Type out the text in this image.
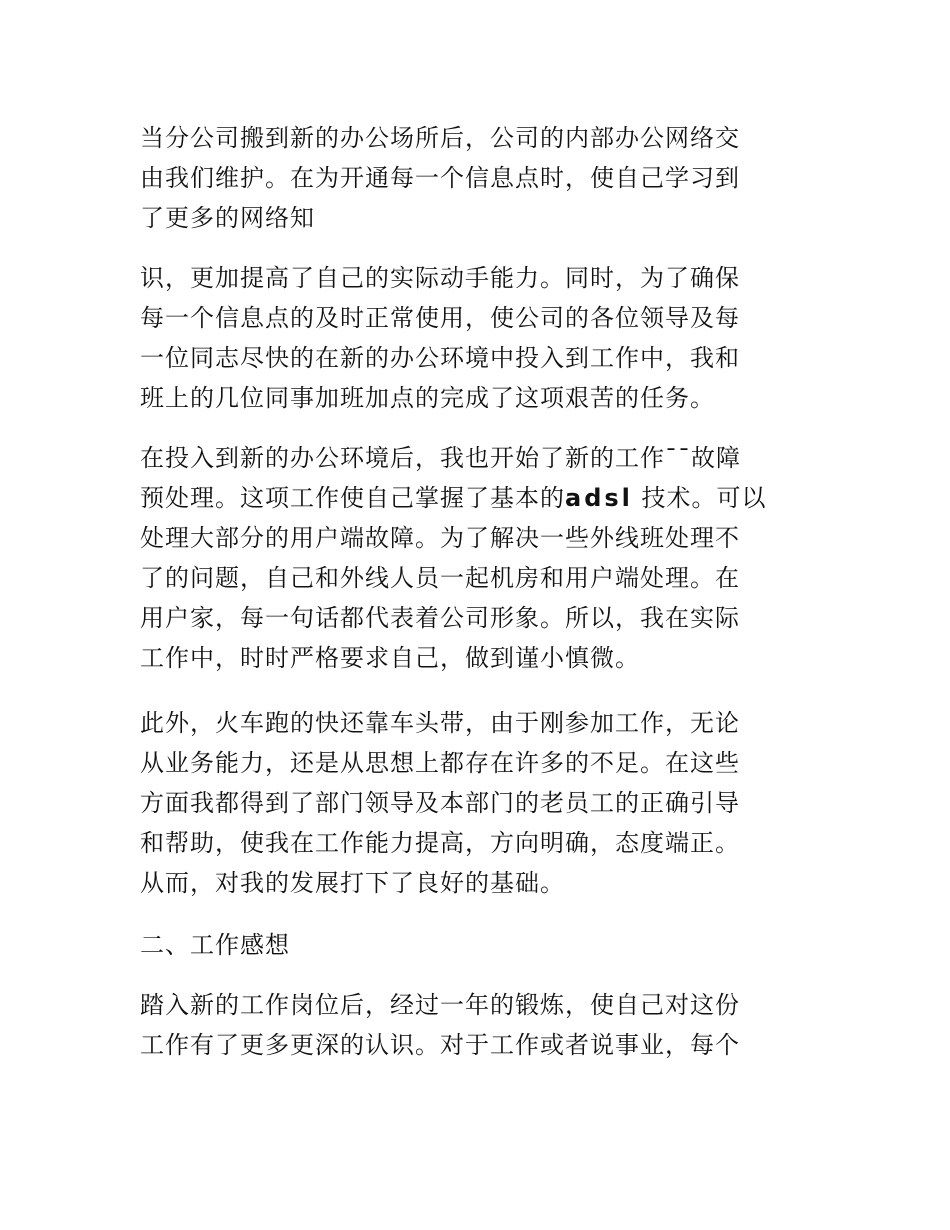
当分公司搬到新的办公场所后，公司的内部办公网络交
由我们维护。在为开通每一个信息点时，使自己学习到
了更多的网络知
识，更加提高了自己的实际动手能力。同时，为了确保
每一个信息点的及时正常使用，使公司的各位领导及每
一位同志尽快的在新的办公环境中投入到工作中，我和
班上的几位同事加班加点的完成了这项艰苦的任务。
在投入到新的办公环境后，我也开始了新的工作¯¯故障
预处理。这项工作使自己掌握了基本的adsl 技术。可以
处理大部分的用户端故障。为了解决一些外线班处理不
了的问题，自己和外线人员一起机房和用户端处理。在
用户家，每一句话都代表着公司形象。所以，我在实际
工作中，时时严格要求自己，做到谨小慎微。
此外，火车跑的快还靠车头带，由于刚参加工作，无论
从业务能力，还是从思想上都存在许多的不足。在这些
方面我都得到了部门领导及本部门的老员工的正确引导
和帮助，使我在工作能力提高，方向明确，态度端正。
从而，对我的发展打下了良好的基础。
二、工作感想
踏入新的工作岗位后，经过一年的锻炼，使自己对这份
工作有了更多更深的认识。对于工作或者说事业，每个
